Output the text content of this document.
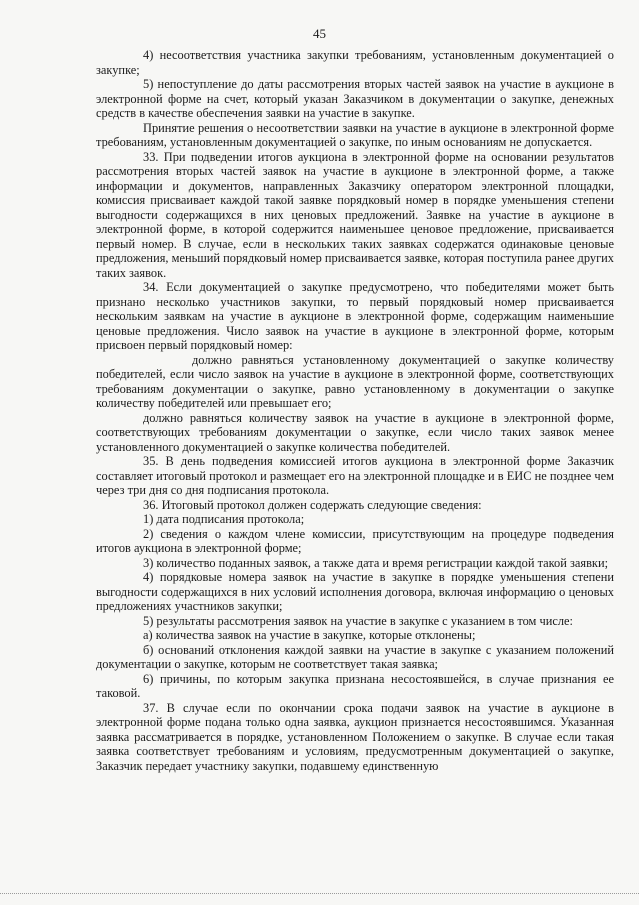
45

4) несоответствия участника закупки требованиям, установленным документацией о закупке;

5) непоступление до даты рассмотрения вторых частей заявок на участие в аукционе в электронной форме на счет, который указан Заказчиком в документации о закупке, денежных средств в качестве обеспечения заявки на участие в закупке.

Принятие решения о несоответствии заявки на участие в аукционе в электронной форме требованиям, установленным документацией о закупке, по иным основаниям не допускается.

33. При подведении итогов аукциона в электронной форме на основании результатов рассмотрения вторых частей заявок на участие в аукционе в электронной форме, а также информации и документов, направленных Заказчику оператором электронной площадки, комиссия присваивает каждой такой заявке порядковый номер в порядке уменьшения степени выгодности содержащихся в них ценовых предложений. Заявке на участие в аукционе в электронной форме, в которой содержится наименьшее ценовое предложение, присваивается первый номер. В случае, если в нескольких таких заявках содержатся одинаковые ценовые предложения, меньший порядковый номер присваивается заявке, которая поступила ранее других таких заявок.

34. Если документацией о закупке предусмотрено, что победителями может быть признано несколько участников закупки, то первый порядковый номер присваивается нескольким заявкам на участие в аукционе в электронной форме, содержащим наименьшие ценовые предложения. Число заявок на участие в аукционе в электронной форме, которым присвоен первый порядковый номер:

должно равняться установленному документацией о закупке количеству победителей, если число заявок на участие в аукционе в электронной форме, соответствующих требованиям документации о закупке, равно установленному в документации о закупке количеству победителей или превышает его;

должно равняться количеству заявок на участие в аукционе в электронной форме, соответствующих требованиям документации о закупке, если число таких заявок менее установленного документацией о закупке количества победителей.

35. В день подведения комиссией итогов аукциона в электронной форме Заказчик составляет итоговый протокол и размещает его на электронной площадке и в ЕИС не позднее чем через три дня со дня подписания протокола.

36. Итоговый протокол должен содержать следующие сведения:

1) дата подписания протокола;

2) сведения о каждом члене комиссии, присутствующим на процедуре подведения итогов аукциона в электронной форме;

3) количество поданных заявок, а также дата и время регистрации каждой такой заявки;

4) порядковые номера заявок на участие в закупке в порядке уменьшения степени выгодности содержащихся в них условий исполнения договора, включая информацию о ценовых предложениях участников закупки;

5) результаты рассмотрения заявок на участие в закупке с указанием в том числе:

а) количества заявок на участие в закупке, которые отклонены;

б) оснований отклонения каждой заявки на участие в закупке с указанием положений документации о закупке, которым не соответствует такая заявка;

6) причины, по которым закупка признана несостоявшейся, в случае признания ее таковой.

37. В случае если по окончании срока подачи заявок на участие в аукционе в электронной форме подана только одна заявка, аукцион признается несостоявшимся. Указанная заявка рассматривается в порядке, установленном Положением о закупке. В случае если такая заявка соответствует требованиям и условиям, предусмотренным документацией о закупке, Заказчик передает участнику закупки, подавшему единственную
